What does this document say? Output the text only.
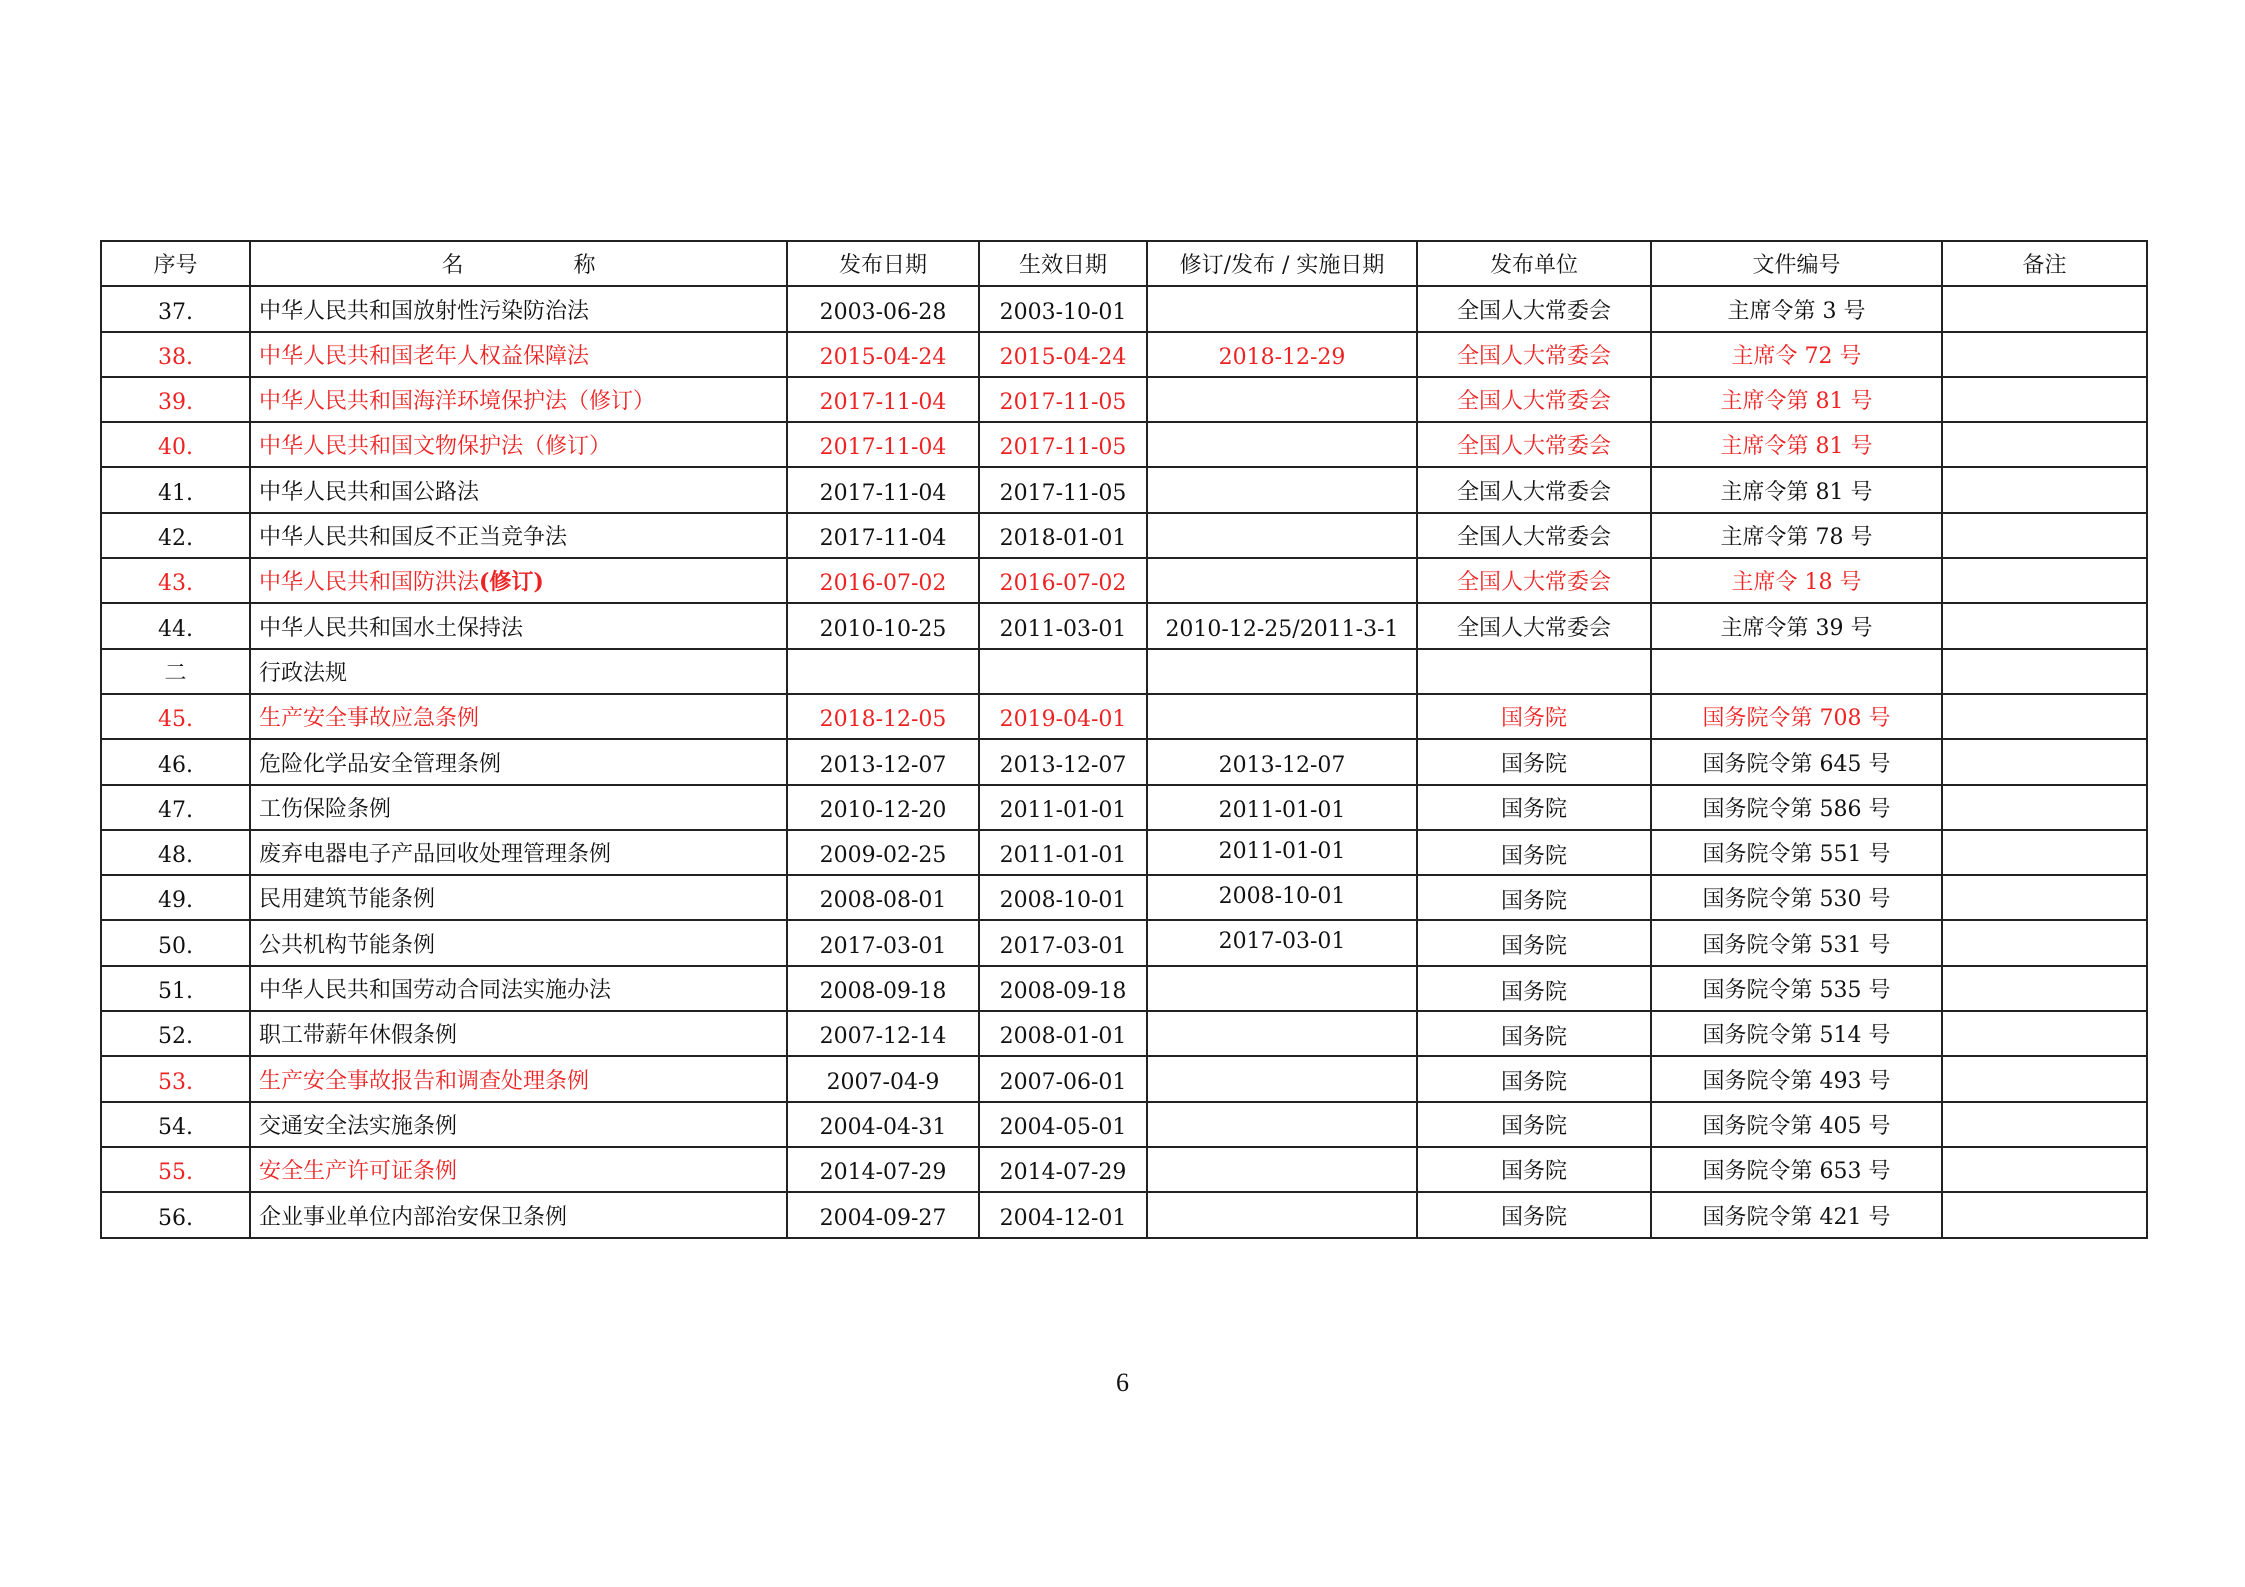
序号	名　　　　　称	发布日期	生效日期	修订/发布 / 实施日期	发布单位	文件编号	备注
37.	中华人民共和国放射性污染防治法	2003-06-28	2003-10-01		全国人大常委会	主席令第 3 号	
38.	中华人民共和国老年人权益保障法	2015-04-24	2015-04-24	2018-12-29	全国人大常委会	主席令 72 号	
39.	中华人民共和国海洋环境保护法（修订）	2017-11-04	2017-11-05		全国人大常委会	主席令第 81 号	
40.	中华人民共和国文物保护法（修订）	2017-11-04	2017-11-05		全国人大常委会	主席令第 81 号	
41.	中华人民共和国公路法	2017-11-04	2017-11-05		全国人大常委会	主席令第 81 号	
42.	中华人民共和国反不正当竞争法	2017-11-04	2018-01-01		全国人大常委会	主席令第 78 号	
43.	中华人民共和国防洪法(修订)	2016-07-02	2016-07-02		全国人大常委会	主席令 18 号	
44.	中华人民共和国水土保持法	2010-10-25	2011-03-01	2010-12-25/2011-3-1	全国人大常委会	主席令第 39 号	
二	行政法规						
45.	生产安全事故应急条例	2018-12-05	2019-04-01		国务院	国务院令第 708 号	
46.	危险化学品安全管理条例	2013-12-07	2013-12-07	2013-12-07	国务院	国务院令第 645 号	
47.	工伤保险条例	2010-12-20	2011-01-01	2011-01-01	国务院	国务院令第 586 号	
48.	废弃电器电子产品回收处理管理条例	2009-02-25	2011-01-01	2011-01-01	国务院	国务院令第 551 号	
49.	民用建筑节能条例	2008-08-01	2008-10-01	2008-10-01	国务院	国务院令第 530 号	
50.	公共机构节能条例	2017-03-01	2017-03-01	2017-03-01	国务院	国务院令第 531 号	
51.	中华人民共和国劳动合同法实施办法	2008-09-18	2008-09-18		国务院	国务院令第 535 号	
52.	职工带薪年休假条例	2007-12-14	2008-01-01		国务院	国务院令第 514 号	
53.	生产安全事故报告和调查处理条例	2007-04-9	2007-06-01		国务院	国务院令第 493 号	
54.	交通安全法实施条例	2004-04-31	2004-05-01		国务院	国务院令第 405 号	
55.	安全生产许可证条例	2014-07-29	2014-07-29		国务院	国务院令第 653 号	
56.	企业事业单位内部治安保卫条例	2004-09-27	2004-12-01		国务院	国务院令第 421 号	
6
